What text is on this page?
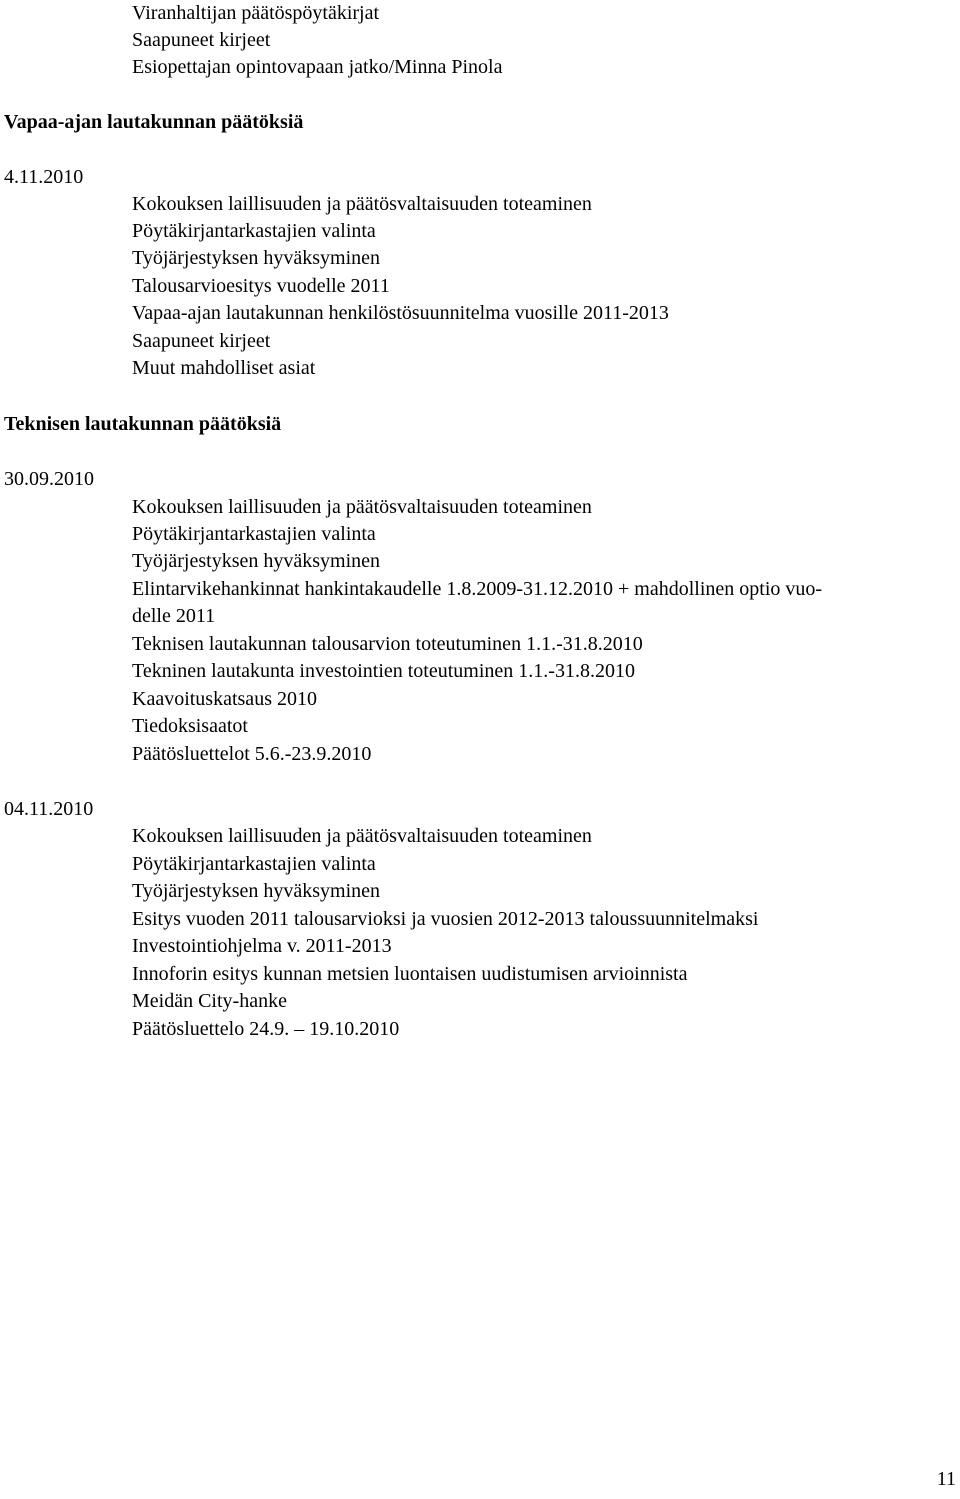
Viranhaltijan päätöspöytäkirjat
Saapuneet kirjeet
Esiopettajan opintovapaan jatko/Minna Pinola
Vapaa-ajan lautakunnan päätöksiä
4.11.2010
Kokouksen laillisuuden ja päätösvaltaisuuden toteaminen
Pöytäkirjantarkastajien valinta
Työjärjestyksen hyväksyminen
Talousarvioesitys vuodelle 2011
Vapaa-ajan lautakunnan henkilöstösuunnitelma vuosille 2011-2013
Saapuneet kirjeet
Muut mahdolliset asiat
Teknisen lautakunnan päätöksiä
30.09.2010
Kokouksen laillisuuden ja päätösvaltaisuuden toteaminen
Pöytäkirjantarkastajien valinta
Työjärjestyksen hyväksyminen
Elintarvikehankinnat hankintakaudelle 1.8.2009-31.12.2010 + mahdollinen optio vuo-
delle 2011
Teknisen lautakunnan talousarvion toteutuminen 1.1.-31.8.2010
Tekninen lautakunta investointien toteutuminen 1.1.-31.8.2010
Kaavoituskatsaus 2010
Tiedoksisaatot
Päätösluettelot 5.6.-23.9.2010
04.11.2010
Kokouksen laillisuuden ja päätösvaltaisuuden toteaminen
Pöytäkirjantarkastajien valinta
Työjärjestyksen hyväksyminen
Esitys vuoden 2011 talousarvioksi ja vuosien 2012-2013 taloussuunnitelmaksi
Investointiohjelma v. 2011-2013
Innoforin esitys kunnan metsien luontaisen uudistumisen arvioinnista
Meidän City-hanke
Päätösluettelo 24.9. – 19.10.2010
11
